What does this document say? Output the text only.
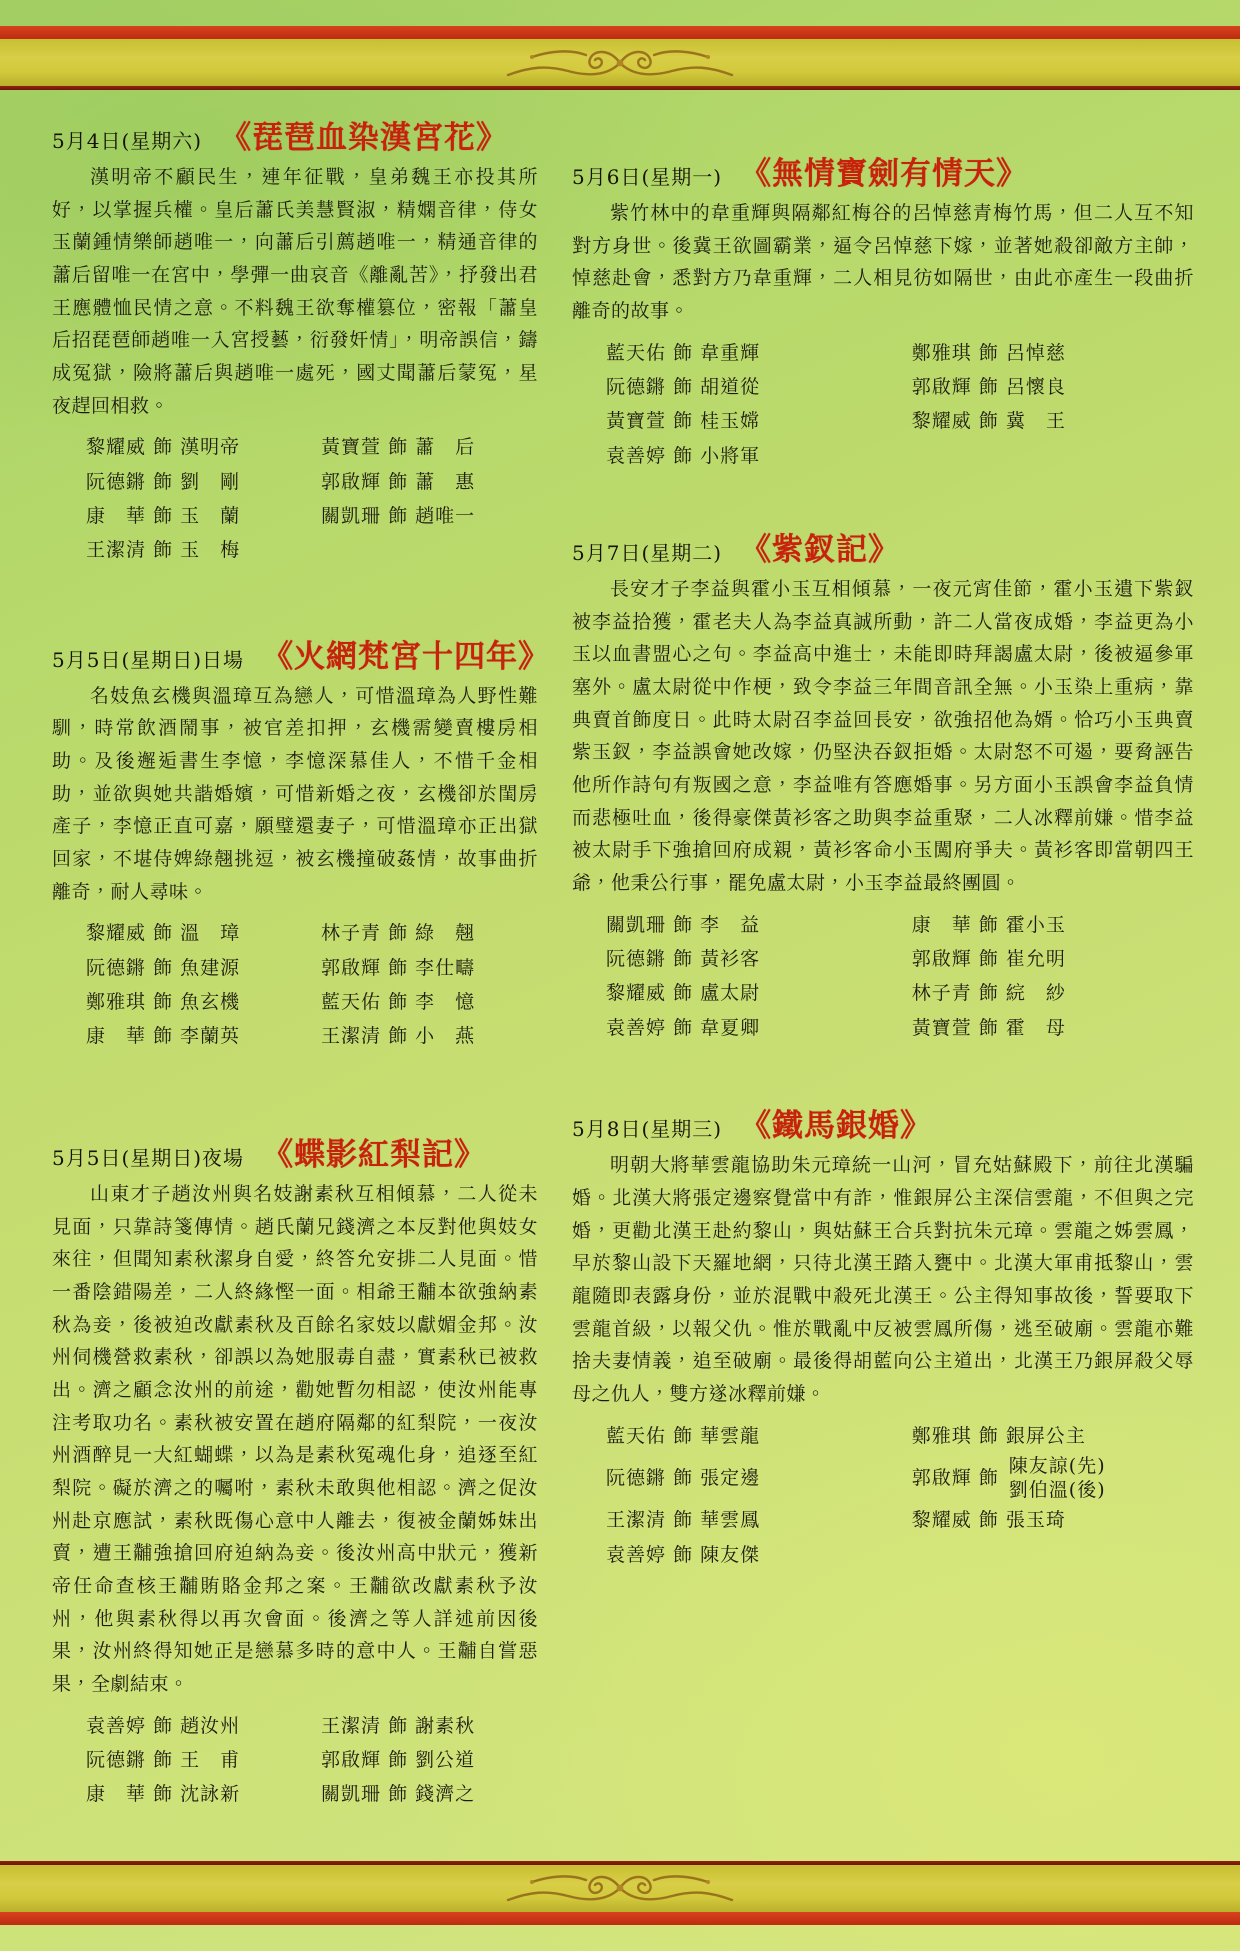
5月4日(星期六) 《琵琶血染漢宮花》

漢明帝不顧民生，連年征戰，皇弟魏王亦投其所好，以掌握兵權。皇后蕭氏美慧賢淑，精嫻音律，侍女玉蘭鍾情樂師趙唯一，向蕭后引薦趙唯一，精通音律的蕭后留唯一在宮中，學彈一曲哀音《離亂苦》，抒發出君王應體恤民情之意。不料魏王欲奪權篡位，密報「蕭皇后招琵琶師趙唯一入宮授藝，衍發奸情」，明帝誤信，鑄成冤獄，險將蕭后與趙唯一處死，國丈聞蕭后蒙冤，星夜趕回相救。

黎耀威 飾 漢明帝	黃寶萱 飾 蕭　后
阮德鏘 飾 劉　剛	郭啟輝 飾 蕭　惠
康　華 飾 玉　蘭	關凱珊 飾 趙唯一
王潔清 飾 玉　梅
5月5日(星期日)日場 《火網梵宮十四年》

名妓魚玄機與溫璋互為戀人，可惜溫璋為人野性難馴，時常飲酒鬧事，被官差扣押，玄機需變賣樓房相助。及後邂逅書生李憶，李憶深慕佳人，不惜千金相助，並欲與她共諧婚嬪，可惜新婚之夜，玄機卻於閨房產子，李憶正直可嘉，願璧還妻子，可惜溫璋亦正出獄回家，不堪侍婢綠翹挑逗，被玄機撞破姦情，故事曲折離奇，耐人尋味。

黎耀威 飾 溫　璋	林子青 飾 綠　翹
阮德鏘 飾 魚建源	郭啟輝 飾 李仕疇
鄭雅琪 飾 魚玄機	藍天佑 飾 李　憶
康　華 飾 李蘭英	王潔清 飾 小　燕
5月5日(星期日)夜場 《蝶影紅梨記》

山東才子趙汝州與名妓謝素秋互相傾慕，二人從未見面，只靠詩箋傳情。趙氏蘭兄錢濟之本反對他與妓女來往，但聞知素秋潔身自愛，終答允安排二人見面。惜一番陰錯陽差，二人終緣慳一面。相爺王黼本欲強納素秋為妾，後被迫改獻素秋及百餘名家妓以獻媚金邦。汝州伺機營救素秋，卻誤以為她服毒自盡，實素秋已被救出。濟之顧念汝州的前途，勸她暫勿相認，使汝州能專注考取功名。素秋被安置在趙府隔鄰的紅梨院，一夜汝州酒醉見一大紅蝴蝶，以為是素秋冤魂化身，追逐至紅梨院。礙於濟之的囑咐，素秋未敢與他相認。濟之促汝州赴京應試，素秋既傷心意中人離去，復被金蘭姊妹出賣，遭王黼強搶回府迫納為妾。後汝州高中狀元，獲新帝任命查核王黼賄賂金邦之案。王黼欲改獻素秋予汝州，他與素秋得以再次會面。後濟之等人詳述前因後果，汝州終得知她正是戀慕多時的意中人。王黼自嘗惡果，全劇結束。

袁善婷 飾 趙汝州	王潔清 飾 謝素秋
阮德鏘 飾 王　甫	郭啟輝 飾 劉公道
康　華 飾 沈詠新	關凱珊 飾 錢濟之
5月6日(星期一) 《無情寶劍有情天》

紫竹林中的韋重輝與隔鄰紅梅谷的呂悼慈青梅竹馬，但二人互不知對方身世。後冀王欲圖霸業，逼令呂悼慈下嫁，並著她殺卻敵方主帥，悼慈赴會，悉對方乃韋重輝，二人相見彷如隔世，由此亦產生一段曲折離奇的故事。

藍天佑 飾 韋重輝	鄭雅琪 飾 呂悼慈
阮德鏘 飾 胡道從	郭啟輝 飾 呂懷良
黃寶萱 飾 桂玉嫦	黎耀威 飾 冀　王
袁善婷 飾 小將軍
5月7日(星期二) 《紫釵記》

長安才子李益與霍小玉互相傾慕，一夜元宵佳節，霍小玉遺下紫釵被李益拾獲，霍老夫人為李益真誠所動，許二人當夜成婚，李益更為小玉以血書盟心之句。李益高中進士，未能即時拜謁盧太尉，後被逼參軍塞外。盧太尉從中作梗，致令李益三年間音訊全無。小玉染上重病，靠典賣首飾度日。此時太尉召李益回長安，欲強招他為婿。恰巧小玉典賣紫玉釵，李益誤會她改嫁，仍堅決吞釵拒婚。太尉怒不可遏，要脅誣告他所作詩句有叛國之意，李益唯有答應婚事。另方面小玉誤會李益負情而悲極吐血，後得豪傑黃衫客之助與李益重聚，二人冰釋前嫌。惜李益被太尉手下強搶回府成親，黃衫客命小玉闖府爭夫。黃衫客即當朝四王爺，他秉公行事，罷免盧太尉，小玉李益最終團圓。

關凱珊 飾 李　益	康　華 飾 霍小玉
阮德鏘 飾 黃衫客	郭啟輝 飾 崔允明
黎耀威 飾 盧太尉	林子青 飾 綄　紗
袁善婷 飾 韋夏卿	黃寶萱 飾 霍　母
5月8日(星期三) 《鐵馬銀婚》

明朝大將華雲龍協助朱元璋統一山河，冒充姑蘇殿下，前往北漢騙婚。北漢大將張定邊察覺當中有詐，惟銀屏公主深信雲龍，不但與之完婚，更勸北漢王赴約黎山，與姑蘇王合兵對抗朱元璋。雲龍之姊雲鳳，早於黎山設下天羅地網，只待北漢王踏入甕中。北漢大軍甫抵黎山，雲龍隨即表露身份，並於混戰中殺死北漢王。公主得知事故後，誓要取下雲龍首級，以報父仇。惟於戰亂中反被雲鳳所傷，逃至破廟。雲龍亦難捨夫妻情義，追至破廟。最後得胡藍向公主道出，北漢王乃銀屏殺父辱母之仇人，雙方遂冰釋前嫌。

藍天佑 飾 華雲龍	鄭雅琪 飾 銀屏公主
阮德鏘 飾 張定邊	郭啟輝 飾
陳友諒(先)
劉伯溫(後)
王潔清 飾 華雲鳳	黎耀威 飾 張玉琦
袁善婷 飾 陳友傑
